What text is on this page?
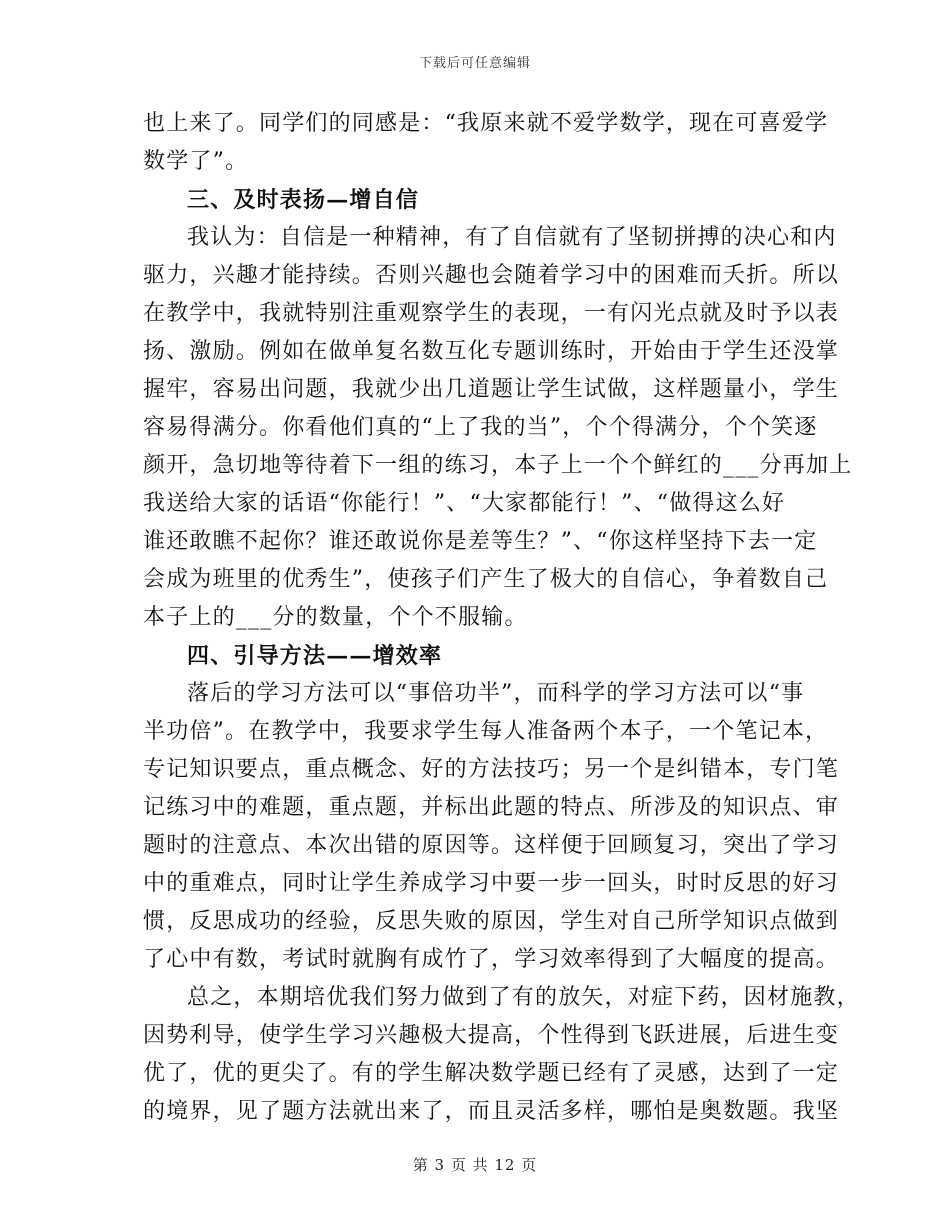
下载后可任意编辑
也上来了。同学们的同感是：“我原来就不爱学数学，现在可喜爱学
数学了”。
三、及时表扬—增自信
我认为：自信是一种精神，有了自信就有了坚韧拼搏的决心和内
驱力，兴趣才能持续。否则兴趣也会随着学习中的困难而夭折。所以
在教学中，我就特别注重观察学生的表现，一有闪光点就及时予以表
扬、激励。例如在做单复名数互化专题训练时，开始由于学生还没掌
握牢，容易出问题，我就少出几道题让学生试做，这样题量小，学生
容易得满分。你看他们真的“上了我的当”，个个得满分，个个笑逐
颜开，急切地等待着下一组的练习，本子上一个个鲜红的___分再加上
我送给大家的话语“你能行！”、“大家都能行！”、“做得这么好
谁还敢瞧不起你？谁还敢说你是差等生？”、“你这样坚持下去一定
会成为班里的优秀生”，使孩子们产生了极大的自信心，争着数自己
本子上的___分的数量，个个不服输。
四、引导方法——增效率
落后的学习方法可以“事倍功半”，而科学的学习方法可以“事
半功倍”。在教学中，我要求学生每人准备两个本子，一个笔记本，
专记知识要点，重点概念、好的方法技巧；另一个是纠错本，专门笔
记练习中的难题，重点题，并标出此题的特点、所涉及的知识点、审
题时的注意点、本次出错的原因等。这样便于回顾复习，突出了学习
中的重难点，同时让学生养成学习中要一步一回头，时时反思的好习
惯，反思成功的经验，反思失败的原因，学生对自己所学知识点做到
了心中有数，考试时就胸有成竹了，学习效率得到了大幅度的提高。
总之，本期培优我们努力做到了有的放矢，对症下药，因材施教，
因势利导，使学生学习兴趣极大提高，个性得到飞跃进展，后进生变
优了，优的更尖了。有的学生解决数学题已经有了灵感，达到了一定
的境界，见了题方法就出来了，而且灵活多样，哪怕是奥数题。我坚
第 3 页 共 12 页
